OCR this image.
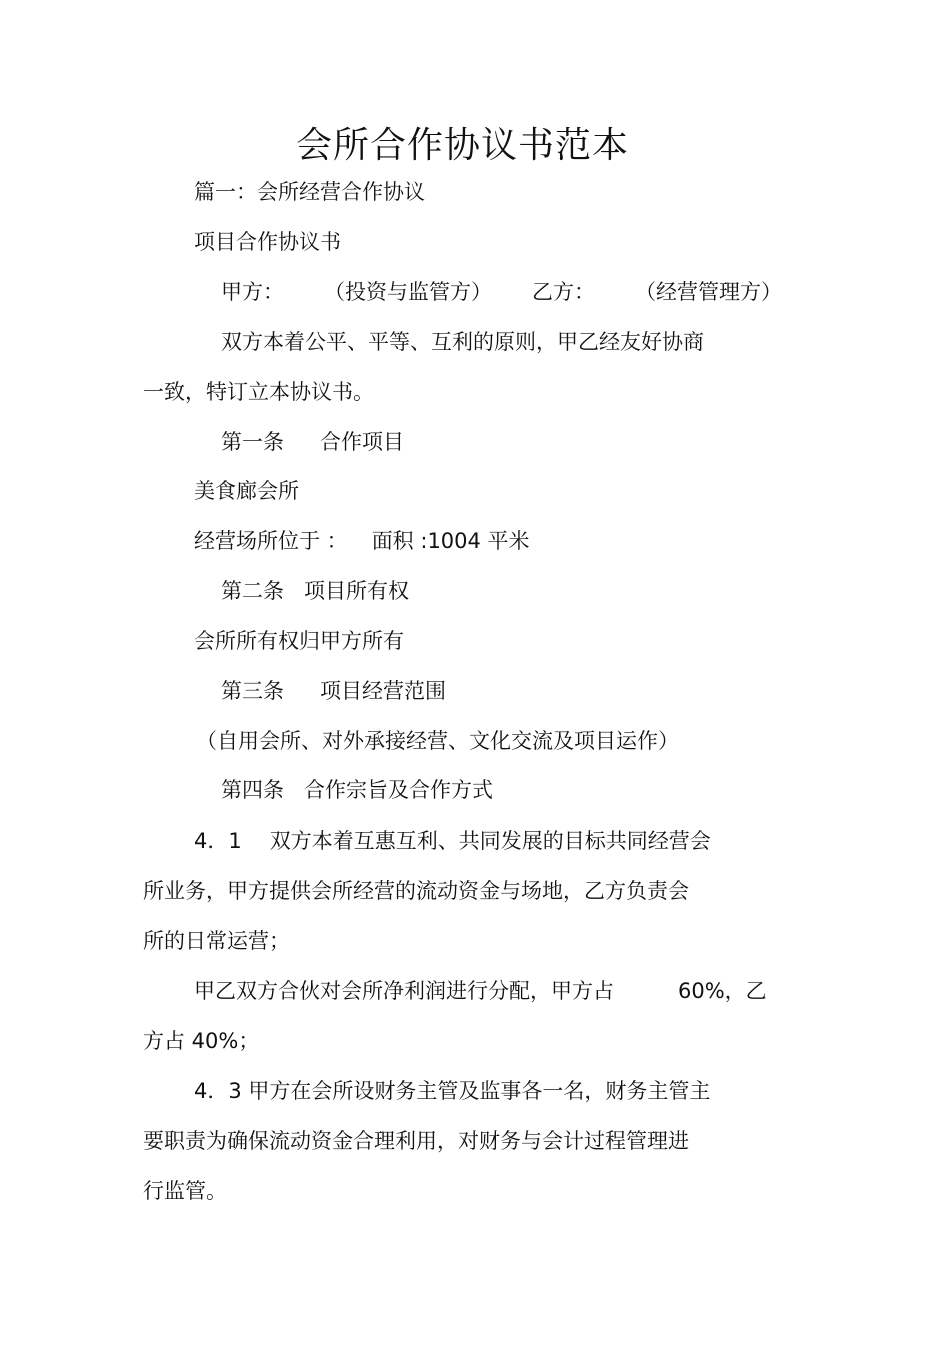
会所合作协议书范本
篇一：会所经营合作协议
项目合作协议书
甲方： （投资与监管方） 乙方： （经营管理方）
双方本着公平、平等、互利的原则，甲乙经友好协商
一致，特订立本协议书。
第一条 合作项目
美食廊会所
经营场所位于 ： 面积 :1004 平米
第二条 项目所有权
会所所有权归甲方所有
第三条 项目经营范围
（自用会所、对外承接经营、文化交流及项目运作）
第四条 合作宗旨及合作方式
4．1 双方本着互惠互利、共同发展的目标共同经营会
所业务，甲方提供会所经营的流动资金与场地，乙方负责会
所的日常运营；
甲乙双方合伙对会所净利润进行分配，甲方占	60%，乙
方占 40%；
4．3 甲方在会所设财务主管及监事各一名，财务主管主
要职责为确保流动资金合理利用，对财务与会计过程管理进
行监管。
